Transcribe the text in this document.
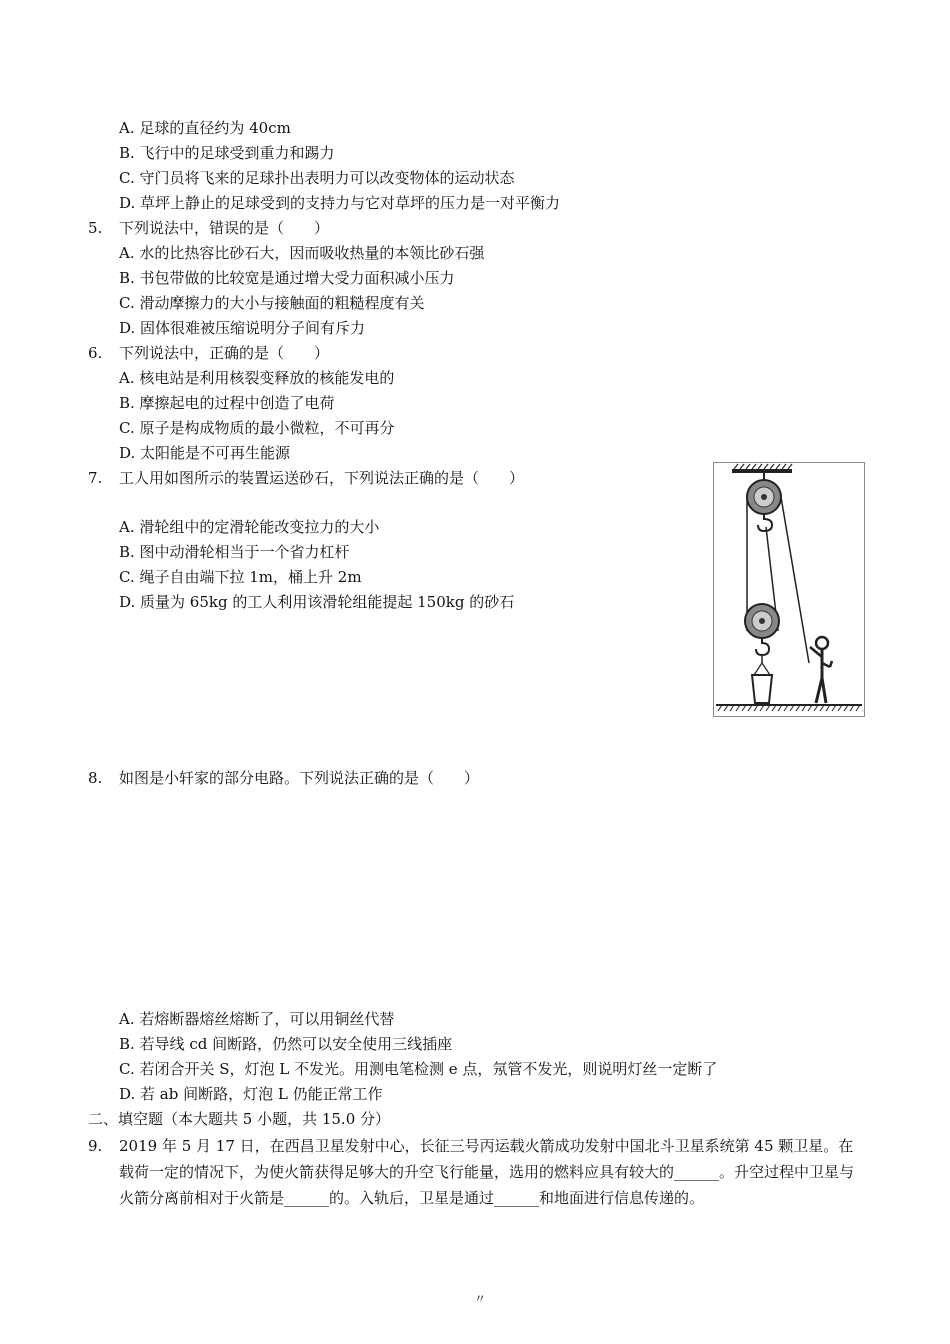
A. 足球的直径约为 40cm
B. 飞行中的足球受到重力和踢力
C. 守门员将飞来的足球扑出表明力可以改变物体的运动状态
D. 草坪上静止的足球受到的支持力与它对草坪的压力是一对平衡力
5. 下列说法中，错误的是（　　）
A. 水的比热容比砂石大，因而吸收热量的本领比砂石强
B. 书包带做的比较宽是通过增大受力面积减小压力
C. 滑动摩擦力的大小与接触面的粗糙程度有关
D. 固体很难被压缩说明分子间有斥力
6. 下列说法中，正确的是（　　）
A. 核电站是利用核裂变释放的核能发电的
B. 摩擦起电的过程中创造了电荷
C. 原子是构成物质的最小微粒，不可再分
D. 太阳能是不可再生能源
7. 工人用如图所示的装置运送砂石，下列说法正确的是（　　）
A. 滑轮组中的定滑轮能改变拉力的大小
B. 图中动滑轮相当于一个省力杠杆
C. 绳子自由端下拉 1m，桶上升 2m
D. 质量为 65kg 的工人利用该滑轮组能提起 150kg 的砂石
8. 如图是小轩家的部分电路。下列说法正确的是（　　）
A. 若熔断器熔丝熔断了，可以用铜丝代替
B. 若导线 cd 间断路，仍然可以安全使用三线插座
C. 若闭合开关 S，灯泡 L 不发光。用测电笔检测 e 点，氖管不发光，则说明灯丝一定断了
D. 若 ab 间断路，灯泡 L 仍能正常工作
二、填空题（本大题共 5 小题，共 15.0 分）
9. 2019 年 5 月 17 日，在西昌卫星发射中心，长征三号丙运载火箭成功发射中国北斗卫星系统第 45 颗卫星。在载荷一定的情况下，为使火箭获得足够大的升空飞行能量，选用的燃料应具有较大的______。升空过程中卫星与火箭分离前相对于火箭是______的。入轨后，卫星是通过______和地面进行信息传递的。
〃
